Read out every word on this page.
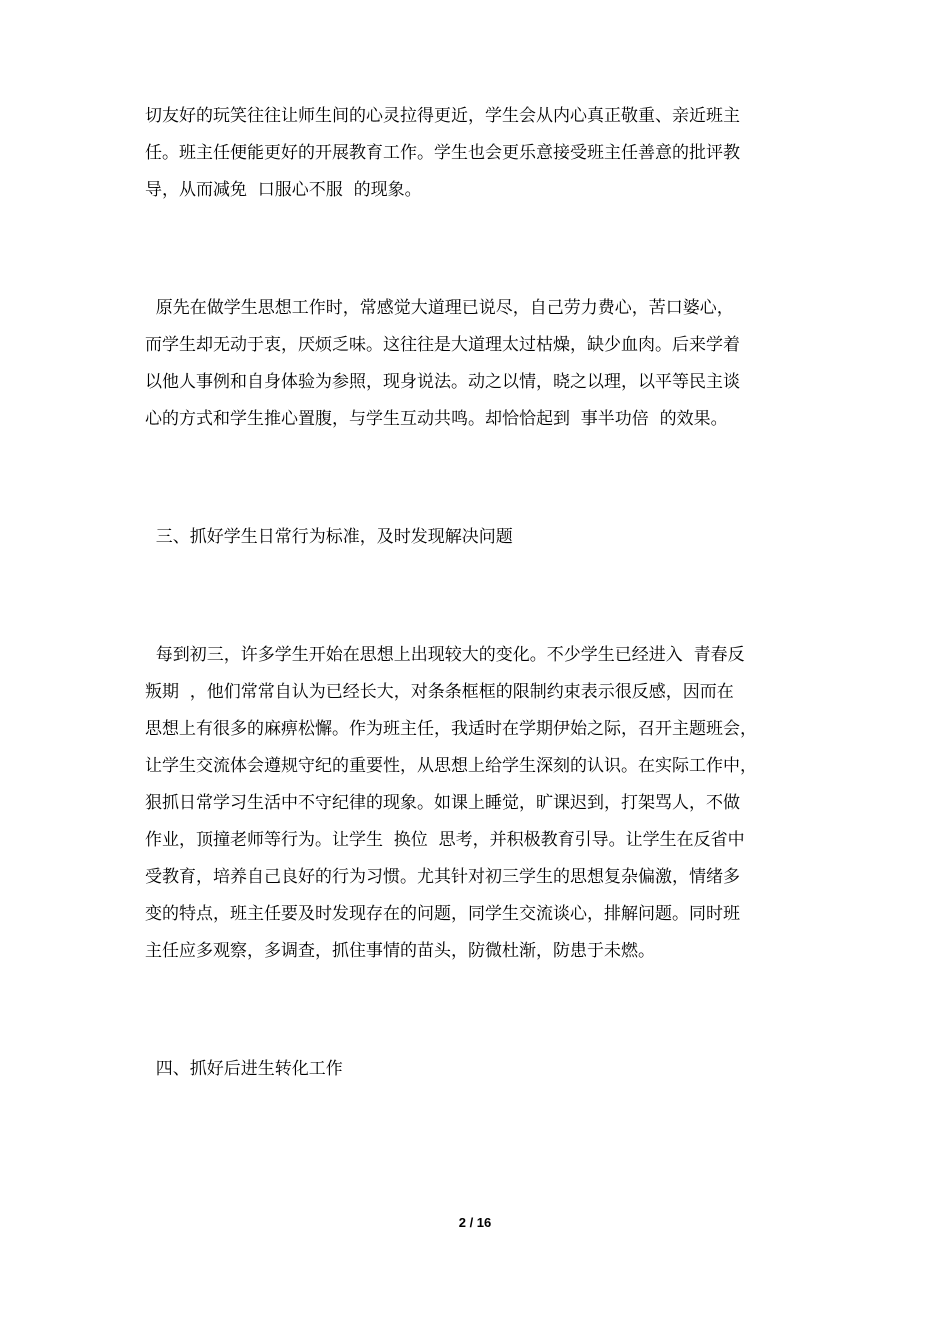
切友好的玩笑往往让师生间的心灵拉得更近，学生会从内心真正敬重、亲近班主
任。班主任便能更好的开展教育工作。学生也会更乐意接受班主任善意的批评教
导，从而减免  口服心不服  的现象。

原先在做学生思想工作时，常感觉大道理已说尽，自己劳力费心，苦口婆心，
而学生却无动于衷，厌烦乏味。这往往是大道理太过枯燥，缺少血肉。后来学着
以他人事例和自身体验为参照，现身说法。动之以情，晓之以理，以平等民主谈
心的方式和学生推心置腹，与学生互动共鸣。却恰恰起到  事半功倍  的效果。

三、抓好学生日常行为标准，及时发现解决问题

每到初三，许多学生开始在思想上出现较大的变化。不少学生已经进入  青春反
叛期  ，他们常常自认为已经长大，对条条框框的限制约束表示很反感，因而在
思想上有很多的麻痹松懈。作为班主任，我适时在学期伊始之际，召开主题班会，
让学生交流体会遵规守纪的重要性，从思想上给学生深刻的认识。在实际工作中，
狠抓日常学习生活中不守纪律的现象。如课上睡觉，旷课迟到，打架骂人，不做
作业，顶撞老师等行为。让学生  换位  思考，并积极教育引导。让学生在反省中
受教育，培养自己良好的行为习惯。尤其针对初三学生的思想复杂偏激，情绪多
变的特点，班主任要及时发现存在的问题，同学生交流谈心，排解问题。同时班
主任应多观察，多调查，抓住事情的苗头，防微杜渐，防患于未燃。

四、抓好后进生转化工作

2 / 16
